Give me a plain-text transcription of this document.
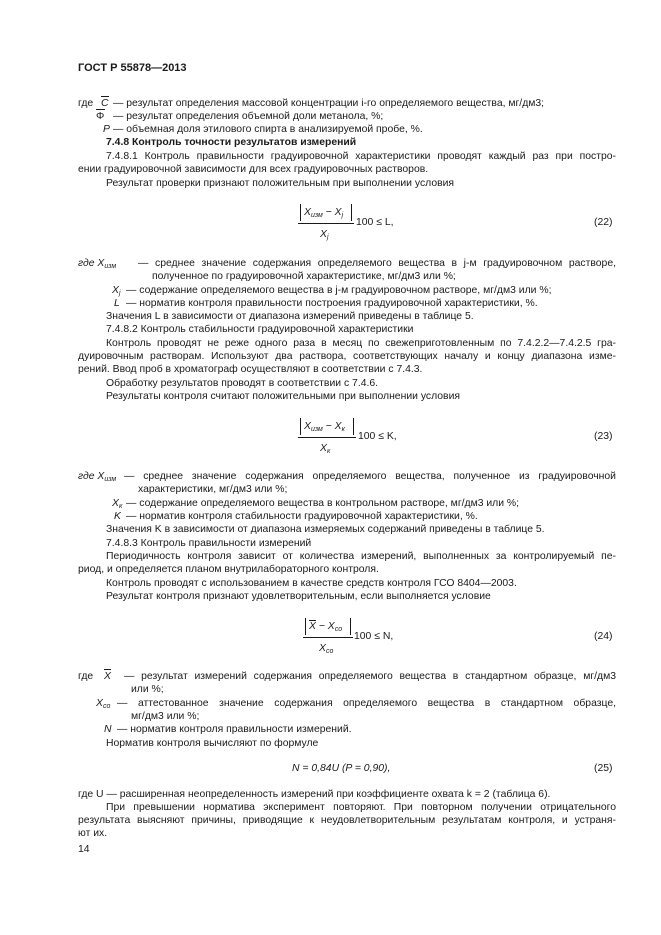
ГОСТ Р 55878—2013
где C — результат определения массовой концентрации i-го определяемого вещества, мг/дм3;
Φ — результат определения объемной доли метанола, %;
P — объемная доля этилового спирта в анализируемой пробе, %.
7.4.8 Контроль точности результатов измерений
7.4.8.1 Контроль правильности градуировочной характеристики проводят каждый раз при постро-
ении градуировочной зависимости для всех градуировочных растворов.
Результат проверки признают положительным при выполнении условия
$X_{изм} - X_j$
$X_j$
100 ≤ L,	(22)
где $X_{изм}$ — среднее значение содержания определяемого вещества в j-м градуировочном растворе,
полученное по градуировочной характеристике, мг/дм3 или %;
$X_j$ — содержание определяемого вещества в j-м градуировочном растворе, мг/дм3 или %;
L — норматив контроля правильности построения градуировочной характеристики, %.
Значения L в зависимости от диапазона измерений приведены в таблице 5.
7.4.8.2 Контроль стабильности градуировочной характеристики
Контроль проводят не реже одного раза в месяц по свежеприготовленным по 7.4.2.2—7.4.2.5 гра-
дуировочным растворам. Используют два раствора, соответствующих началу и концу диапазона изме-
рений. Ввод проб в хроматограф осуществляют в соответствии с 7.4.3.
Обработку результатов проводят в соответствии с 7.4.6.
Результаты контроля считают положительными при выполнении условия
$X_{изм} - X_к$
$X_к$
100 ≤ K,	(23)
где $X_{изм}$ — среднее значение содержания определяемого вещества, полученное из градуировочной
характеристики, мг/дм3 или %;
$X_к$ — содержание определяемого вещества в контрольном растворе, мг/дм3 или %;
K — норматив контроля стабильности градуировочной характеристики, %.
Значения K в зависимости от диапазона измеряемых содержаний приведены в таблице 5.
7.4.8.3 Контроль правильности измерений
Периодичность контроля зависит от количества измерений, выполненных за контролируемый пе-
риод, и определяется планом внутрилабораторного контроля.
Контроль проводят с использованием в качестве средств контроля ГСО 8404—2003.
Результат контроля признают удовлетворительным, если выполняется условие
$X - X_{co}$
$X_{co}$
100 ≤ N,	(24)
где X — результат измерений содержания определяемого вещества в стандартном образце, мг/дм3
или %;
$X_{со}$ — аттестованное значение содержания определяемого вещества в стандартном образце,
мг/дм3 или %;
N — норматив контроля правильности измерений.
Норматив контроля вычисляют по формуле
N = 0,84U (P = 0,90),	(25)
где U — расширенная неопределенность измерений при коэффициенте охвата k = 2 (таблица 6).
При превышении норматива эксперимент повторяют. При повторном получении отрицательного
результата выясняют причины, приводящие к неудовлетворительным результатам контроля, и устраня-
ют их.
14
